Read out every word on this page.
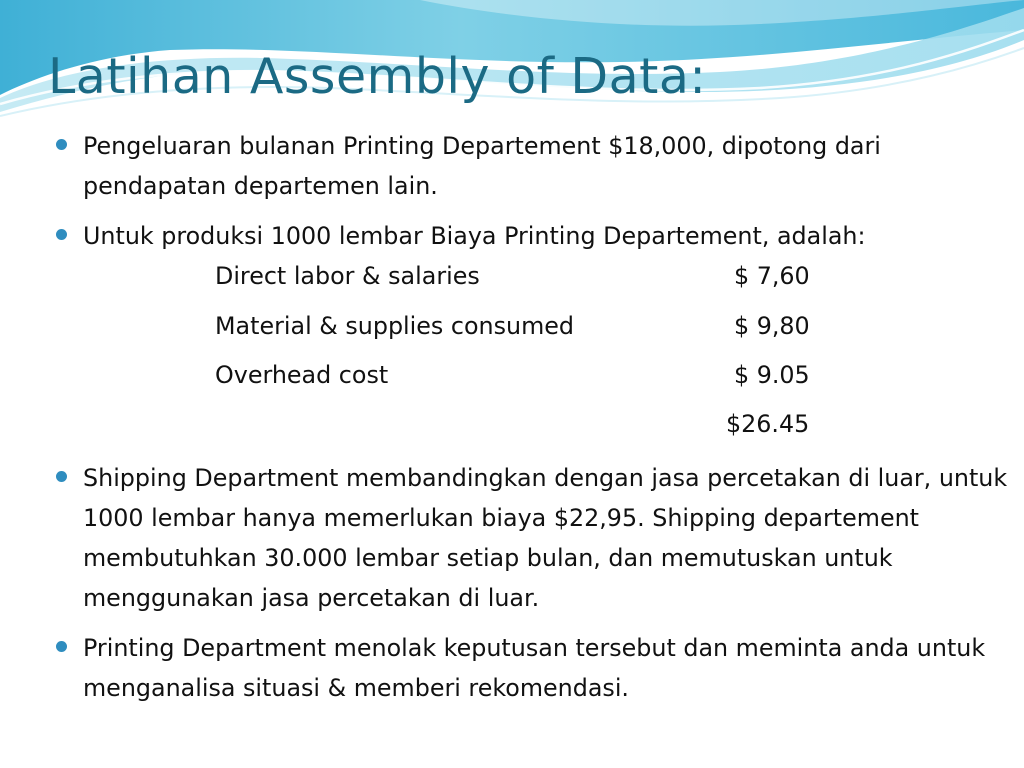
Latihan Assembly of Data:
Pengeluaran bulanan Printing Departement $18,000, dipotong dari pendapatan departemen lain.
Untuk produksi 1000 lembar Biaya Printing Departement, adalah:
Direct labor & salaries	$ 7,60
Material & supplies consumed	$ 9,80
Overhead cost	$ 9.05
$26.45
Shipping Department membandingkan dengan jasa percetakan di luar, untuk 1000 lembar hanya memerlukan biaya $22,95. Shipping departement membutuhkan 30.000 lembar setiap bulan, dan memutuskan untuk menggunakan jasa percetakan di luar.
Printing Department menolak keputusan tersebut dan meminta anda untuk menganalisa situasi & memberi rekomendasi.
